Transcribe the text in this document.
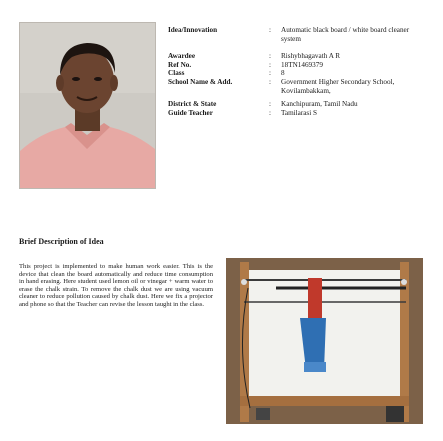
Idea/Innovation	:	Automatic black board / white board cleaner system
Awardee	:	Rishybhagavath A R
Ref No.	:	18TN1469379
Class	:	8
School Name & Add.	:	Government Higher Secondary School, Kovilambakkam,
District & State	:	Kanchipuram, Tamil Nadu
Guide Teacher	:	Tamilarasi S
Brief Description of Idea
This project is implemented to make human work easier. This is the device that clean the board automatically and reduce time consumption in hand erasing. Here student used lemon oil or vinegar + warm water to erase the chalk strain. To remove the chalk dust we are using vacuum cleaner to reduce pollution caused by chalk dust. Here we fix a projector and phone so that the Teacher can revise the lesson taught in the class.
